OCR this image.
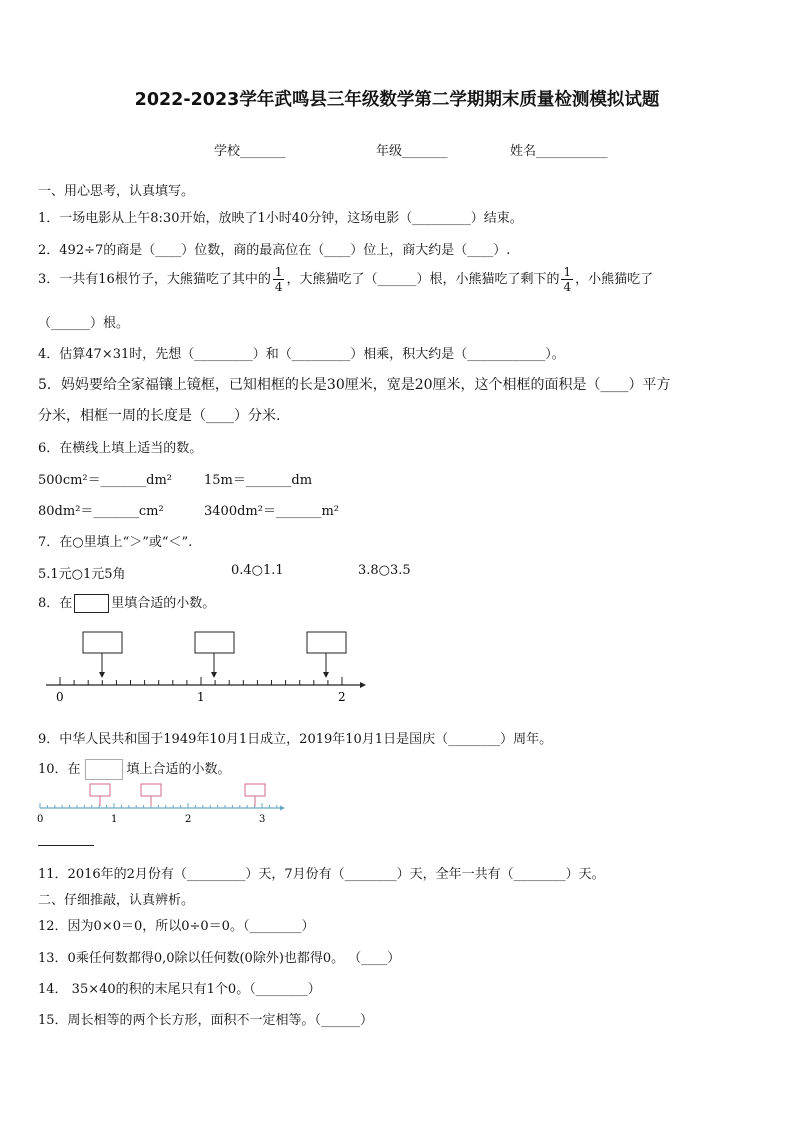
2022-2023学年武鸣县三年级数学第二学期期末质量检测模拟试题
学校_______	年级_______	姓名___________
一、用心思考，认真填写。
1．一场电影从上午8:30开始，放映了1小时40分钟，这场电影（_________）结束。
2．492÷7的商是（____）位数，商的最高位在（____）位上，商大约是（____）.
3．一共有16根竹子，大熊猫吃了其中的 $\frac{1}{4}$ ，大熊猫吃了（______）根，小熊猫吃了剩下的 $\frac{1}{4}$ ，小熊猫吃了
（______）根。
4．估算47×31时，先想（_________）和（_________）相乘，积大约是（____________）。
5．妈妈要给全家福镶上镜框，已知相框的长是30厘米，宽是20厘米，这个相框的面积是（____）平方
分米，相框一周的长度是（____）分米.
6．在横线上填上适当的数。
500cm²＝_______dm² 15m＝_______dm
80dm²＝_______cm²	3400dm²＝_______m²
7．在○里填上“＞”或“＜”.
5.1元○1元5角	0.4○1.1	3.8○3.5
8．在	里填合适的小数。
0	1	2
9．中华人民共和国于1949年10月1日成立，2019年10月1日是国庆（________）周年。
10．在	填上合适的小数。
0	1	2	3
11．2016年的2月份有（_________）天，7月份有（________）天，全年一共有（________）天。
二、仔细推敲，认真辨析。
12．因为0×0＝0，所以0÷0＝0。（________）
13．0乘任何数都得0,0除以任何数(0除外)也都得0。 （____）
14． 35×40的积的末尾只有1个0。（________）
15．周长相等的两个长方形，面积不一定相等。（______）
